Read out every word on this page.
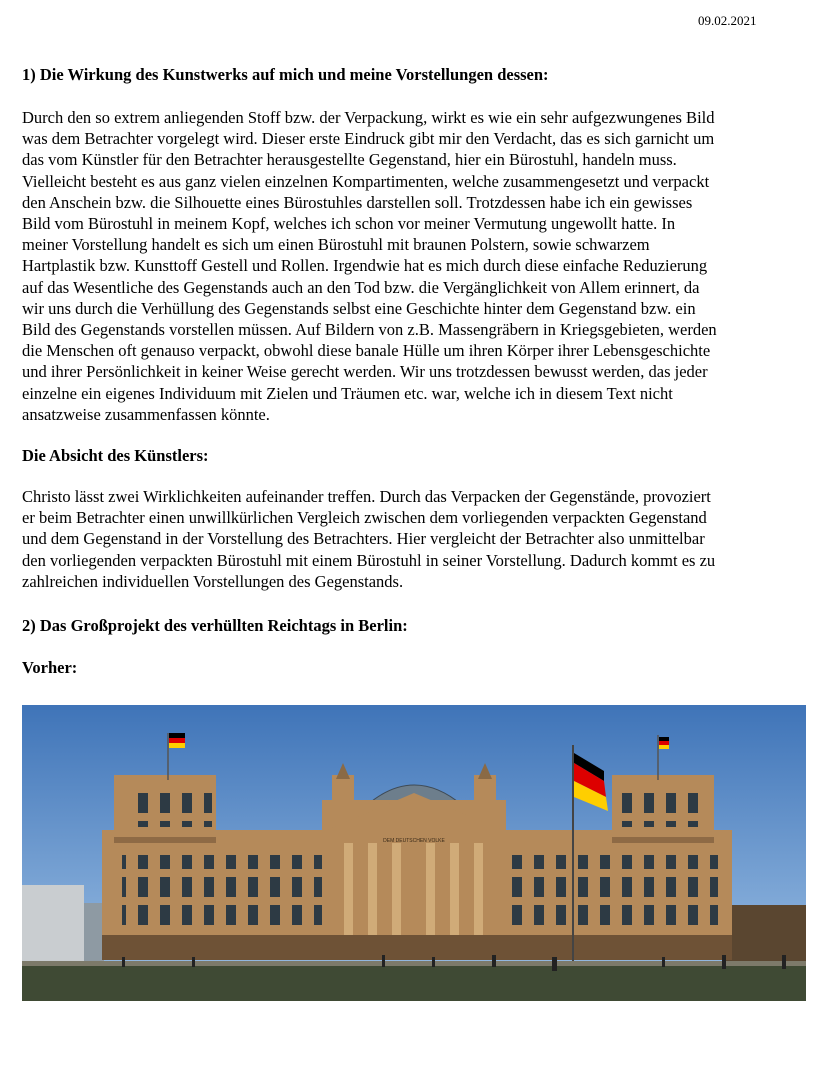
09.02.2021
1) Die Wirkung des Kunstwerks auf mich und meine Vorstellungen dessen:
Durch den so extrem anliegenden Stoff bzw. der Verpackung, wirkt es wie ein sehr aufgezwungenes Bild
was dem Betrachter vorgelegt wird. Dieser erste Eindruck gibt mir den Verdacht, das es sich garnicht um
das vom Künstler für den Betrachter herausgestellte Gegenstand, hier ein Bürostuhl, handeln muss.
Vielleicht besteht es aus ganz vielen einzelnen Kompartimenten, welche zusammengesetzt und verpackt
den Anschein bzw. die Silhouette eines Bürostuhles darstellen soll. Trotzdessen habe ich ein gewisses
Bild vom Bürostuhl in meinem Kopf, welches ich schon vor meiner Vermutung ungewollt hatte. In
meiner Vorstellung handelt es sich um einen Bürostuhl mit braunen Polstern, sowie schwarzem
Hartplastik bzw. Kunsttoff Gestell und Rollen. Irgendwie hat es mich durch diese einfache Reduzierung
auf das Wesentliche des Gegenstands auch an den Tod bzw. die Vergänglichkeit von Allem erinnert, da
wir uns durch die Verhüllung des Gegenstands selbst eine Geschichte hinter dem Gegenstand bzw. ein
Bild des Gegenstands vorstellen müssen. Auf Bildern von z.B. Massengräbern in Kriegsgebieten, werden
die Menschen oft genauso verpackt, obwohl diese banale Hülle um ihren Körper ihrer Lebensgeschichte
und ihrer Persönlichkeit in keiner Weise gerecht werden. Wir uns trotzdessen bewusst werden, das jeder
einzelne ein eigenes Individuum mit Zielen und Träumen etc. war, welche ich in diesem Text nicht
ansatzweise zusammenfassen könnte.
Die Absicht des Künstlers:
Christo lässt zwei Wirklichkeiten aufeinander treffen. Durch das Verpacken der Gegenstände, provoziert
er beim Betrachter einen unwillkürlichen Vergleich zwischen dem vorliegenden verpackten Gegenstand
und dem Gegenstand in der Vorstellung des Betrachters. Hier vergleicht der Betrachter also unmittelbar
den vorliegenden verpackten Bürostuhl mit einem Bürostuhl in seiner Vorstellung. Dadurch kommt es zu
zahlreichen individuellen Vorstellungen des Gegenstands.
2) Das Großprojekt des verhüllten Reichtags in Berlin:
Vorher:
DEM DEUTSCHEN VOLKE
